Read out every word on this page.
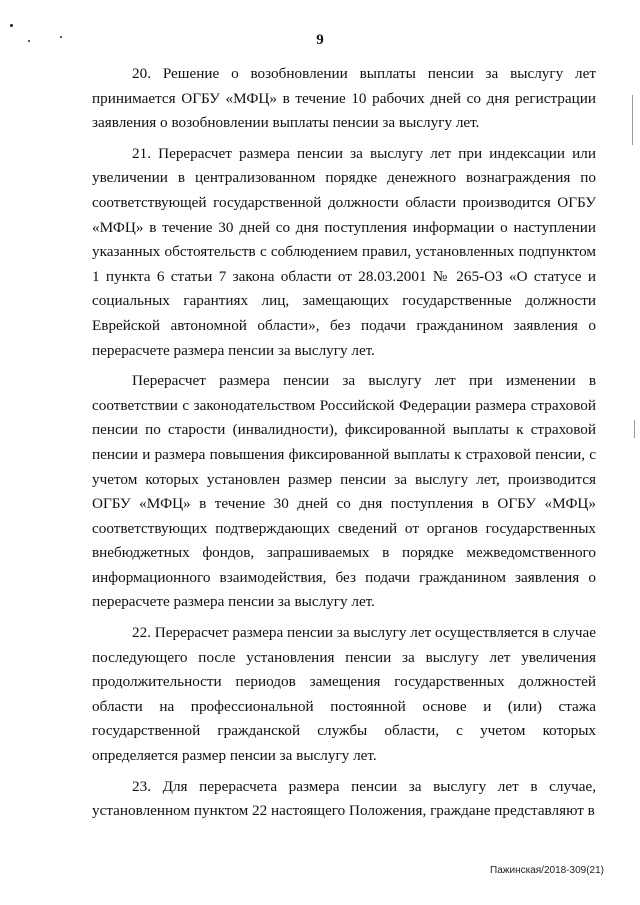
9

20. Решение о возобновлении выплаты пенсии за выслугу лет принимается ОГБУ «МФЦ» в течение 10 рабочих дней со дня регистрации заявления о возобновлении выплаты пенсии за выслугу лет.

21. Перерасчет размера пенсии за выслугу лет при индексации или увеличении в централизованном порядке денежного вознаграждения по соответствующей государственной должности области производится ОГБУ «МФЦ» в течение 30 дней со дня поступления информации о наступлении указанных обстоятельств с соблюдением правил, установленных подпунктом 1 пункта 6 статьи 7 закона области от 28.03.2001 № 265-ОЗ «О статусе и социальных гарантиях лиц, замещающих государственные должности Еврейской автономной области», без подачи гражданином заявления о перерасчете размера пенсии за выслугу лет.

Перерасчет размера пенсии за выслугу лет при изменении в соответствии с законодательством Российской Федерации размера страховой пенсии по старости (инвалидности), фиксированной выплаты к страховой пенсии и размера повышения фиксированной выплаты к страховой пенсии, с учетом которых установлен размер пенсии за выслугу лет, производится ОГБУ «МФЦ» в течение 30 дней со дня поступления в ОГБУ «МФЦ» соответствующих подтверждающих сведений от органов государственных внебюджетных фондов, запрашиваемых в порядке межведомственного информационного взаимодействия, без подачи гражданином заявления о перерасчете размера пенсии за выслугу лет.

22. Перерасчет размера пенсии за выслугу лет осуществляется в случае последующего после установления пенсии за выслугу лет увеличения продолжительности периодов замещения государственных должностей области на профессиональной постоянной основе и (или) стажа государственной гражданской службы области, с учетом которых определяется размер пенсии за выслугу лет.

23. Для перерасчета размера пенсии за выслугу лет в случае, установленном пунктом 22 настоящего Положения, граждане представляют в

Пажинская/2018-309(21)
